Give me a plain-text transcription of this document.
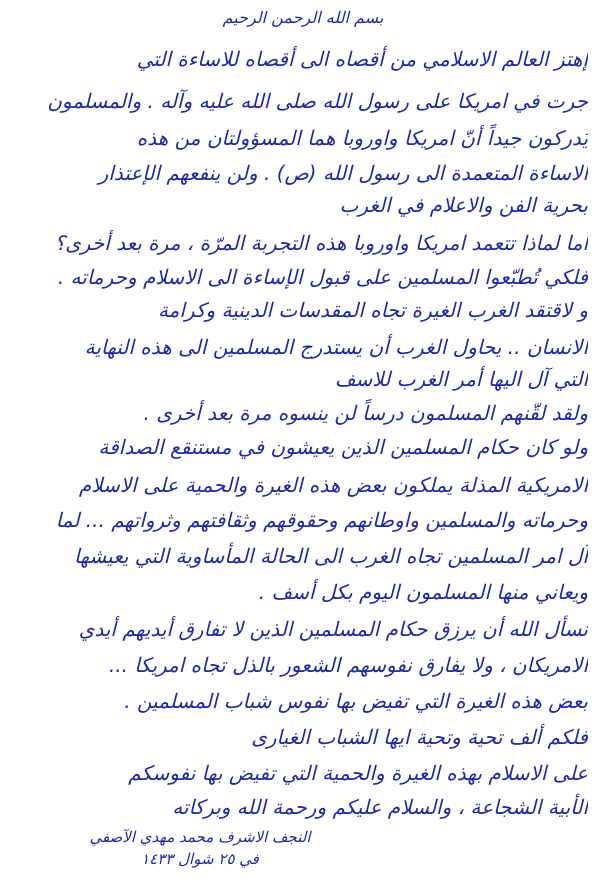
بسم الله الرحمن الرحيم
إهتز العالم الاسلامي من أقصاه الى أقصاه للاساءة التي
جرت في امريكا على رسول الله صلى الله عليه وآله . والمسلمون
يُدركون جيداً أنّ امريكا واوروبا هما المسؤولتان من هذه
الاساءة المتعمدة الى رسول الله (ص) . ولن ينفعهم الإعتذار
بحرية الفن والاعلام في الغرب
أما لماذا تتعمد امريكا واوروبا هذه التجربة المرّة ، مرة بعد أخرى؟
فلكي تُطبّعوا المسلمين على قبول الإساءة الى الاسلام وحرماته .
و لاقتقد الغرب الغيرة تجاه المقدسات الدينية وكرامة
الانسان .. يحاول الغرب أن يستدرج المسلمين الى هذه النهاية
التي آل اليها أمر الغرب للاسف
ولقد لقّنهم المسلمون درساً لن ينسوه مرة بعد أخرى .
ولو كان حكام المسلمين الذين يعيشون في مستنقع الصداقة
الامريكية المذلة يملكون بعض هذه الغيرة والحمية على الاسلام
وحرماته والمسلمين واوطانهم وحقوقهم وثقافتهم وثرواتهم ... لما
آل امر المسلمين تجاه الغرب الى الحالة المأساوية التي يعيشها
ويعاني منها المسلمون اليوم بكل أسف .
نسأل الله أن يرزق حكام المسلمين الذين لا تفارق أيديهم أيدي
الامريكان ، ولا يفارق نفوسهم الشعور بالذل تجاه امريكا ...
بعض هذه الغيرة التي تفيض بها نفوس شباب المسلمين .
فلكم ألف تحية وتحية ايها الشباب الغيارى
على الاسلام بهذه الغيرة والحمية التي تفيض بها نفوسكم
الأبية الشجاعة ، والسلام عليكم ورحمة الله وبركاته
النجف الاشرف محمد مهدي الآصفي
في ٢٥ شوال ١٤٣٣
